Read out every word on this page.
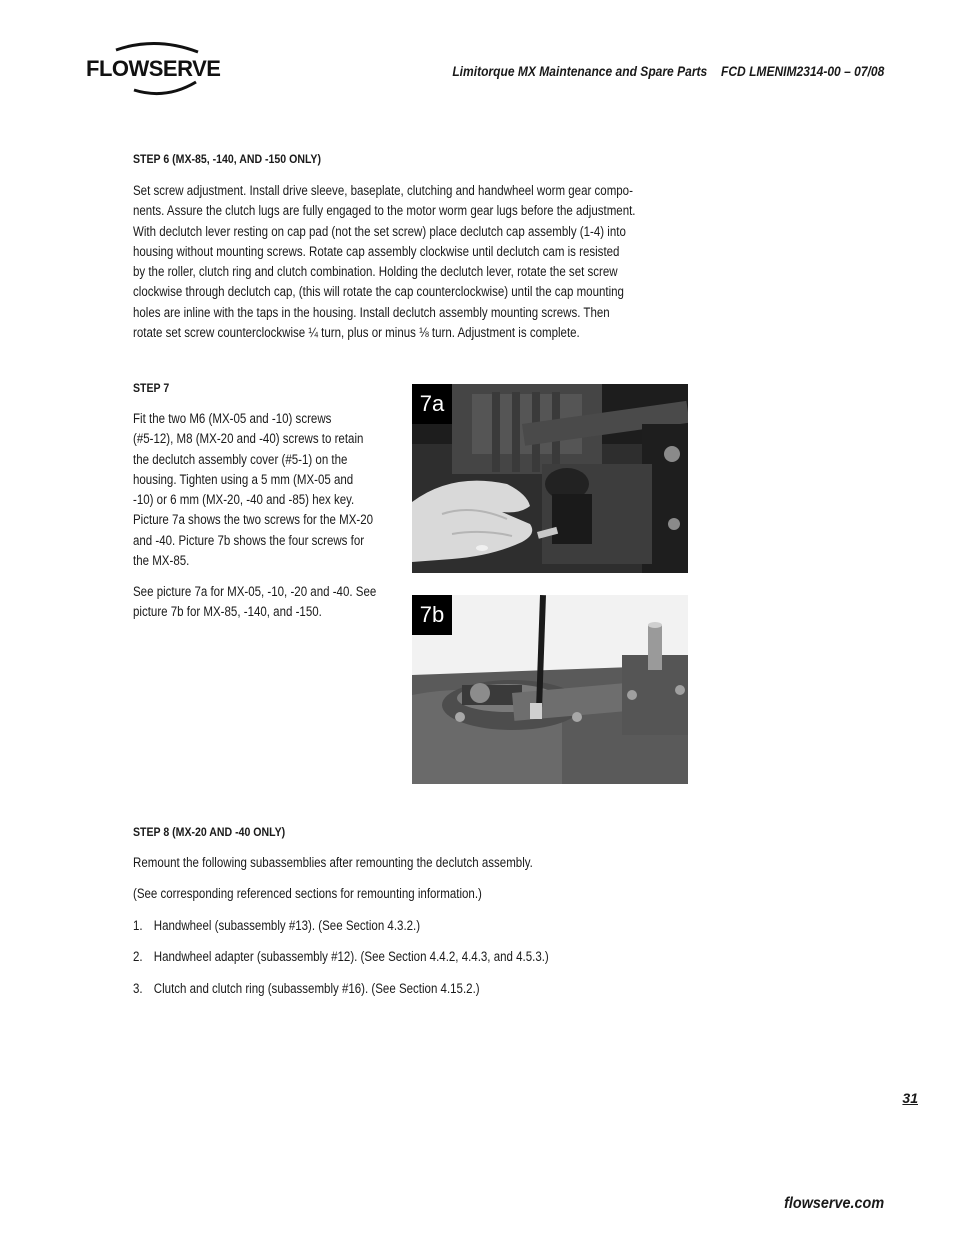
FLOWSERVE	Limitorque MX Maintenance and Spare Parts FCD LMENIM2314-00 – 07/08
STEP 6 (MX-85, -140, AND -150 ONLY)
Set screw adjustment. Install drive sleeve, baseplate, clutching and handwheel worm gear compo-
nents. Assure the clutch lugs are fully engaged to the motor worm gear lugs before the adjustment.
With declutch lever resting on cap pad (not the set screw) place declutch cap assembly (1-4) into
housing without mounting screws. Rotate cap assembly clockwise until declutch cam is resisted
by the roller, clutch ring and clutch combination. Holding the declutch lever, rotate the set screw
clockwise through declutch cap, (this will rotate the cap counterclockwise) until the cap mounting
holes are inline with the taps in the housing. Install declutch assembly mounting screws. Then
rotate set screw counterclockwise ¼ turn, plus or minus ⅛ turn. Adjustment is complete.
STEP 7
Fit the two M6 (MX-05 and -10) screws
(#5-12), M8 (MX-20 and -40) screws to retain
the declutch assembly cover (#5-1) on the
housing. Tighten using a 5 mm (MX-05 and
-10) or 6 mm (MX-20, -40 and -85) hex key.
Picture 7a shows the two screws for the MX-20
and -40. Picture 7b shows the four screws for
the MX-85.
See picture 7a for MX-05, -10, -20 and -40. See
picture 7b for MX-85, -140, and -150.
7a
7b
STEP 8 (MX-20 AND -40 ONLY)
Remount the following subassemblies after remounting the declutch assembly.
(See corresponding referenced sections for remounting information.)
1. Handwheel (subassembly #13). (See Section 4.3.2.)
2. Handwheel adapter (subassembly #12). (See Section 4.4.2, 4.4.3, and 4.5.3.)
3. Clutch and clutch ring (subassembly #16). (See Section 4.15.2.)
31
flowserve.com
